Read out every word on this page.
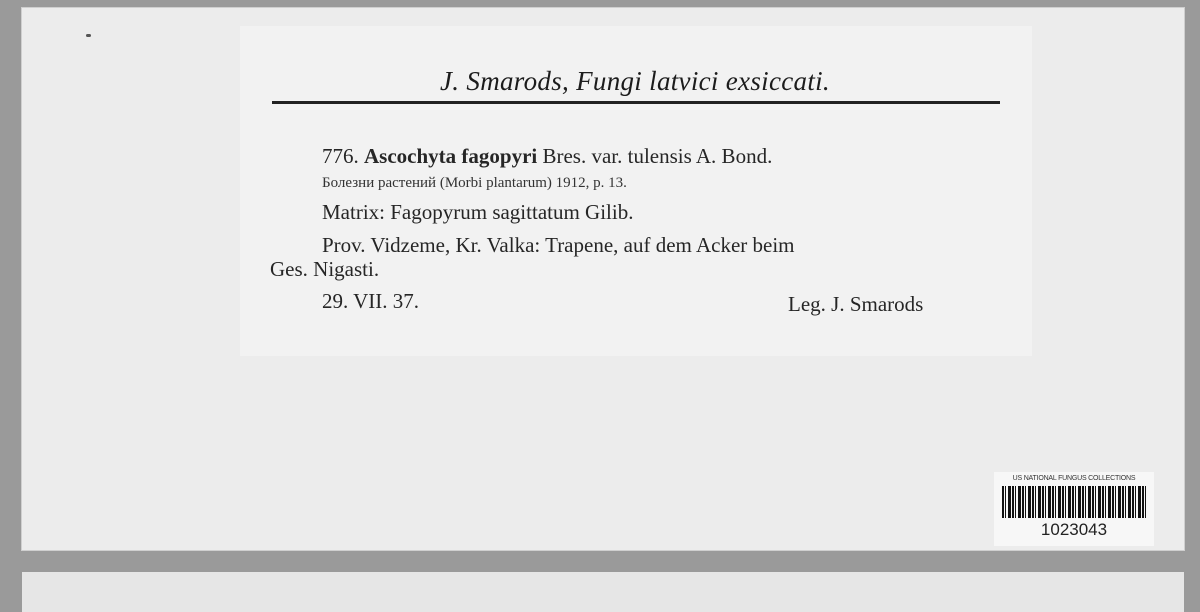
J. Smarods, Fungi latvici exsiccati.
776. Ascochyta fagopyri Bres. var. tulensis A. Bond.
Болезни растений (Morbi plantarum) 1912, p. 13.
Matrix: Fagopyrum sagittatum Gilib.
Prov. Vidzeme, Kr. Valka: Trapene, auf dem Acker beim
Ges. Nigasti.
29. VII. 37.	Leg. J. Smarods
US NATIONAL FUNGUS COLLECTIONS
1023043
